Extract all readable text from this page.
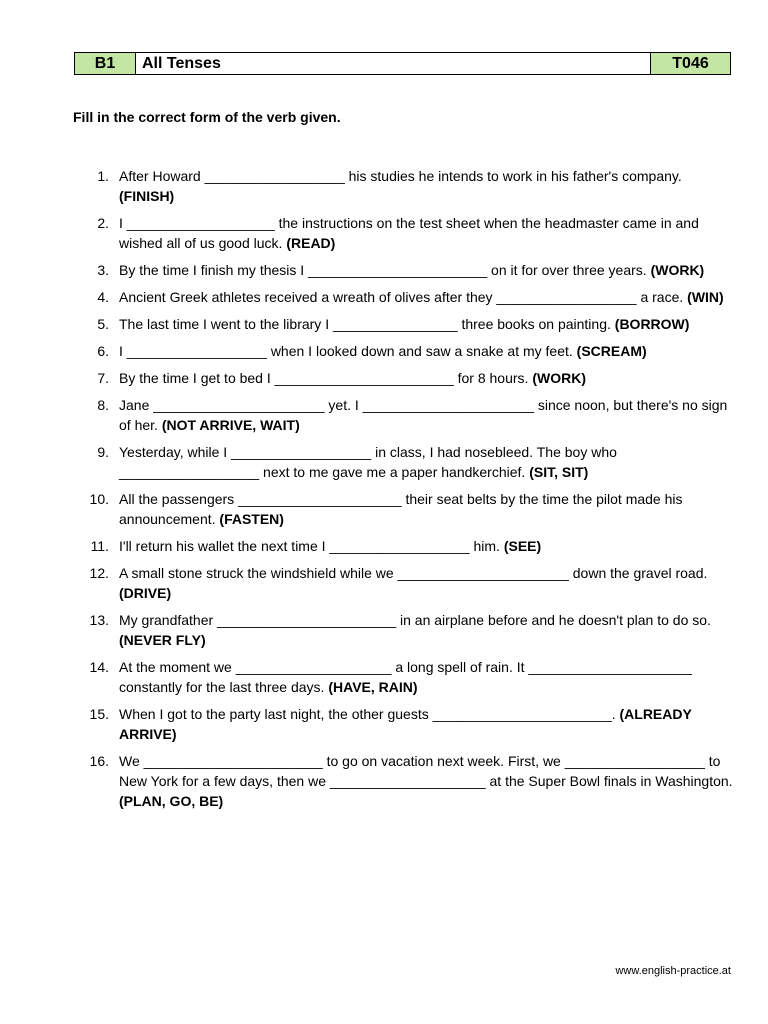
B1	All Tenses	T046
Fill in the correct form of the verb given.
1. After Howard __________________ his studies he intends to work in his father's company. (FINISH)
2. I ___________________ the instructions on the test sheet when the headmaster came in and wished all of us good luck. (READ)
3. By the time I finish my thesis I _______________________ on it for over three years. (WORK)
4. Ancient Greek athletes received a wreath of olives after they __________________ a race. (WIN)
5. The last time I went to the library I ________________ three books on painting. (BORROW)
6. I __________________ when I looked down and saw a snake at my feet. (SCREAM)
7. By the time I get to bed I _______________________ for 8 hours. (WORK)
8. Jane ______________________ yet. I ______________________ since noon, but there's no sign of her. (NOT ARRIVE, WAIT)
9. Yesterday, while I __________________ in class, I had nosebleed. The boy who __________________ next to me gave me a paper handkerchief. (SIT, SIT)
10. All the passengers _____________________ their seat belts by the time the pilot made his announcement. (FASTEN)
11. I'll return his wallet the next time I __________________ him. (SEE)
12. A small stone struck the windshield while we ______________________ down the gravel road. (DRIVE)
13. My grandfather _______________________ in an airplane before and he doesn't plan to do so. (NEVER FLY)
14. At the moment we ____________________ a long spell of rain. It _____________________ constantly for the last three days. (HAVE, RAIN)
15. When I got to the party last night, the other guests _______________________. (ALREADY ARRIVE)
16. We _______________________ to go on vacation next week. First, we __________________ to New York for a few days, then we ____________________ at the Super Bowl finals in Washington. (PLAN, GO, BE)
www.english-practice.at
